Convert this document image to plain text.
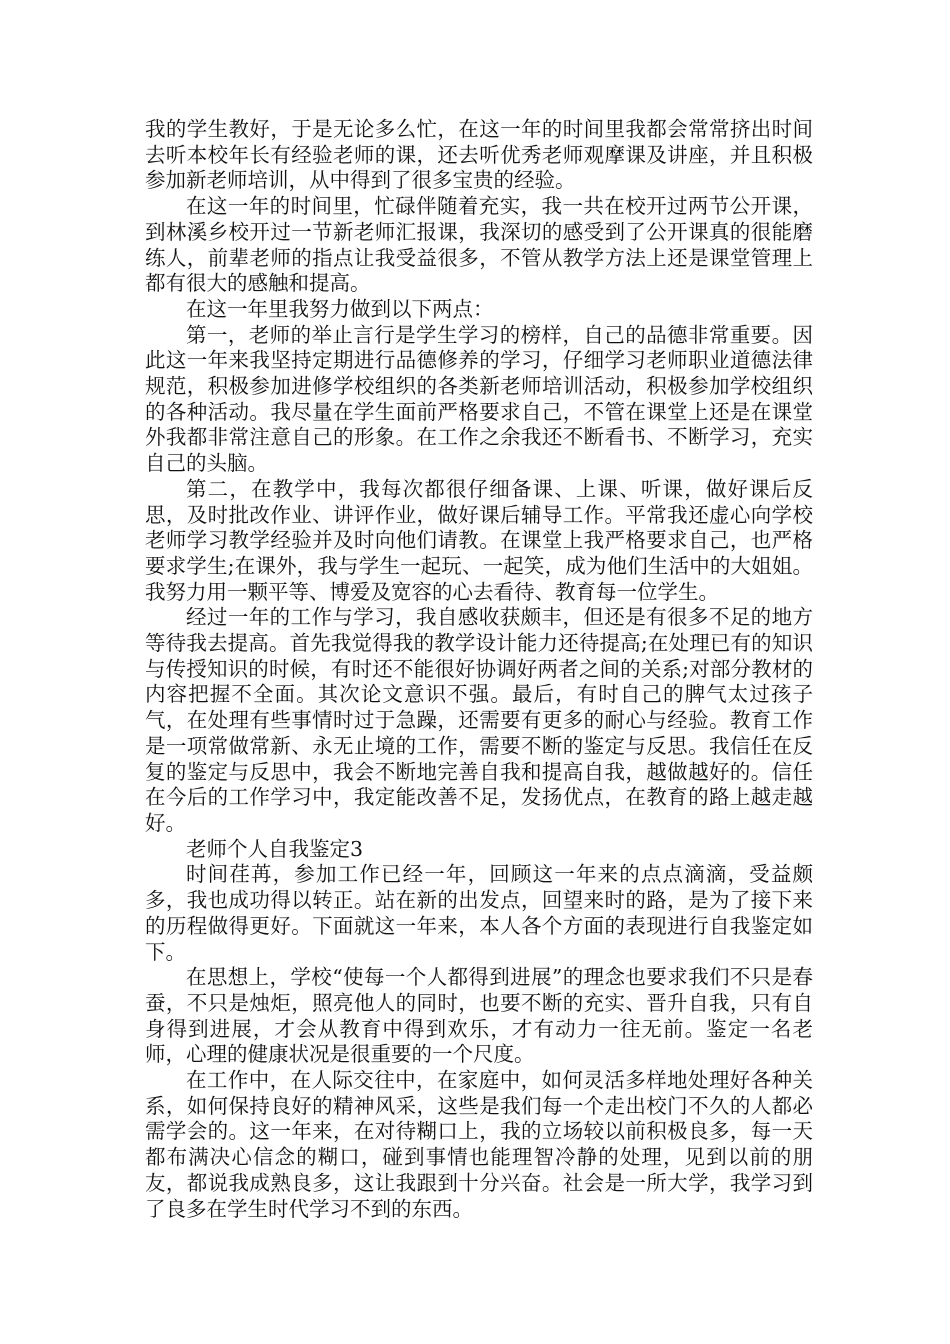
我的学生教好，于是无论多么忙，在这一年的时间里我都会常常挤出时间去听本校年长有经验老师的课，还去听优秀老师观摩课及讲座，并且积极参加新老师培训，从中得到了很多宝贵的经验。

在这一年的时间里，忙碌伴随着充实，我一共在校开过两节公开课，到林溪乡校开过一节新老师汇报课，我深切的感受到了公开课真的很能磨练人，前辈老师的指点让我受益很多，不管从教学方法上还是课堂管理上都有很大的感触和提高。

在这一年里我努力做到以下两点：

第一，老师的举止言行是学生学习的榜样，自己的品德非常重要。因此这一年来我坚持定期进行品德修养的学习，仔细学习老师职业道德法律规范，积极参加进修学校组织的各类新老师培训活动，积极参加学校组织的各种活动。我尽量在学生面前严格要求自己，不管在课堂上还是在课堂外我都非常注意自己的形象。在工作之余我还不断看书、不断学习，充实自己的头脑。

第二，在教学中，我每次都很仔细备课、上课、听课，做好课后反思，及时批改作业、讲评作业，做好课后辅导工作。平常我还虚心向学校老师学习教学经验并及时向他们请教。在课堂上我严格要求自己，也严格要求学生;在课外，我与学生一起玩、一起笑，成为他们生活中的大姐姐。我努力用一颗平等、博爱及宽容的心去看待、教育每一位学生。

经过一年的工作与学习，我自感收获颇丰，但还是有很多不足的地方等待我去提高。首先我觉得我的教学设计能力还待提高;在处理已有的知识与传授知识的时候，有时还不能很好协调好两者之间的关系;对部分教材的内容把握不全面。其次论文意识不强。最后，有时自己的脾气太过孩子气，在处理有些事情时过于急躁，还需要有更多的耐心与经验。教育工作是一项常做常新、永无止境的工作，需要不断的鉴定与反思。我信任在反复的鉴定与反思中，我会不断地完善自我和提高自我，越做越好的。信任在今后的工作学习中，我定能改善不足，发扬优点，在教育的路上越走越好。

老师个人自我鉴定3

时间荏苒，参加工作已经一年，回顾这一年来的点点滴滴，受益颇多，我也成功得以转正。站在新的出发点，回望来时的路，是为了接下来的历程做得更好。下面就这一年来，本人各个方面的表现进行自我鉴定如下。

在思想上，学校“使每一个人都得到进展”的理念也要求我们不只是春蚕，不只是烛炬，照亮他人的同时，也要不断的充实、晋升自我，只有自身得到进展，才会从教育中得到欢乐，才有动力一往无前。鉴定一名老师，心理的健康状况是很重要的一个尺度。

在工作中，在人际交往中，在家庭中，如何灵活多样地处理好各种关系，如何保持良好的精神风采，这些是我们每一个走出校门不久的人都必需学会的。这一年来，在对待糊口上，我的立场较以前积极良多，每一天都布满决心信念的糊口，碰到事情也能理智冷静的处理，见到以前的朋友，都说我成熟良多，这让我跟到十分兴奋。社会是一所大学，我学习到了良多在学生时代学习不到的东西。
